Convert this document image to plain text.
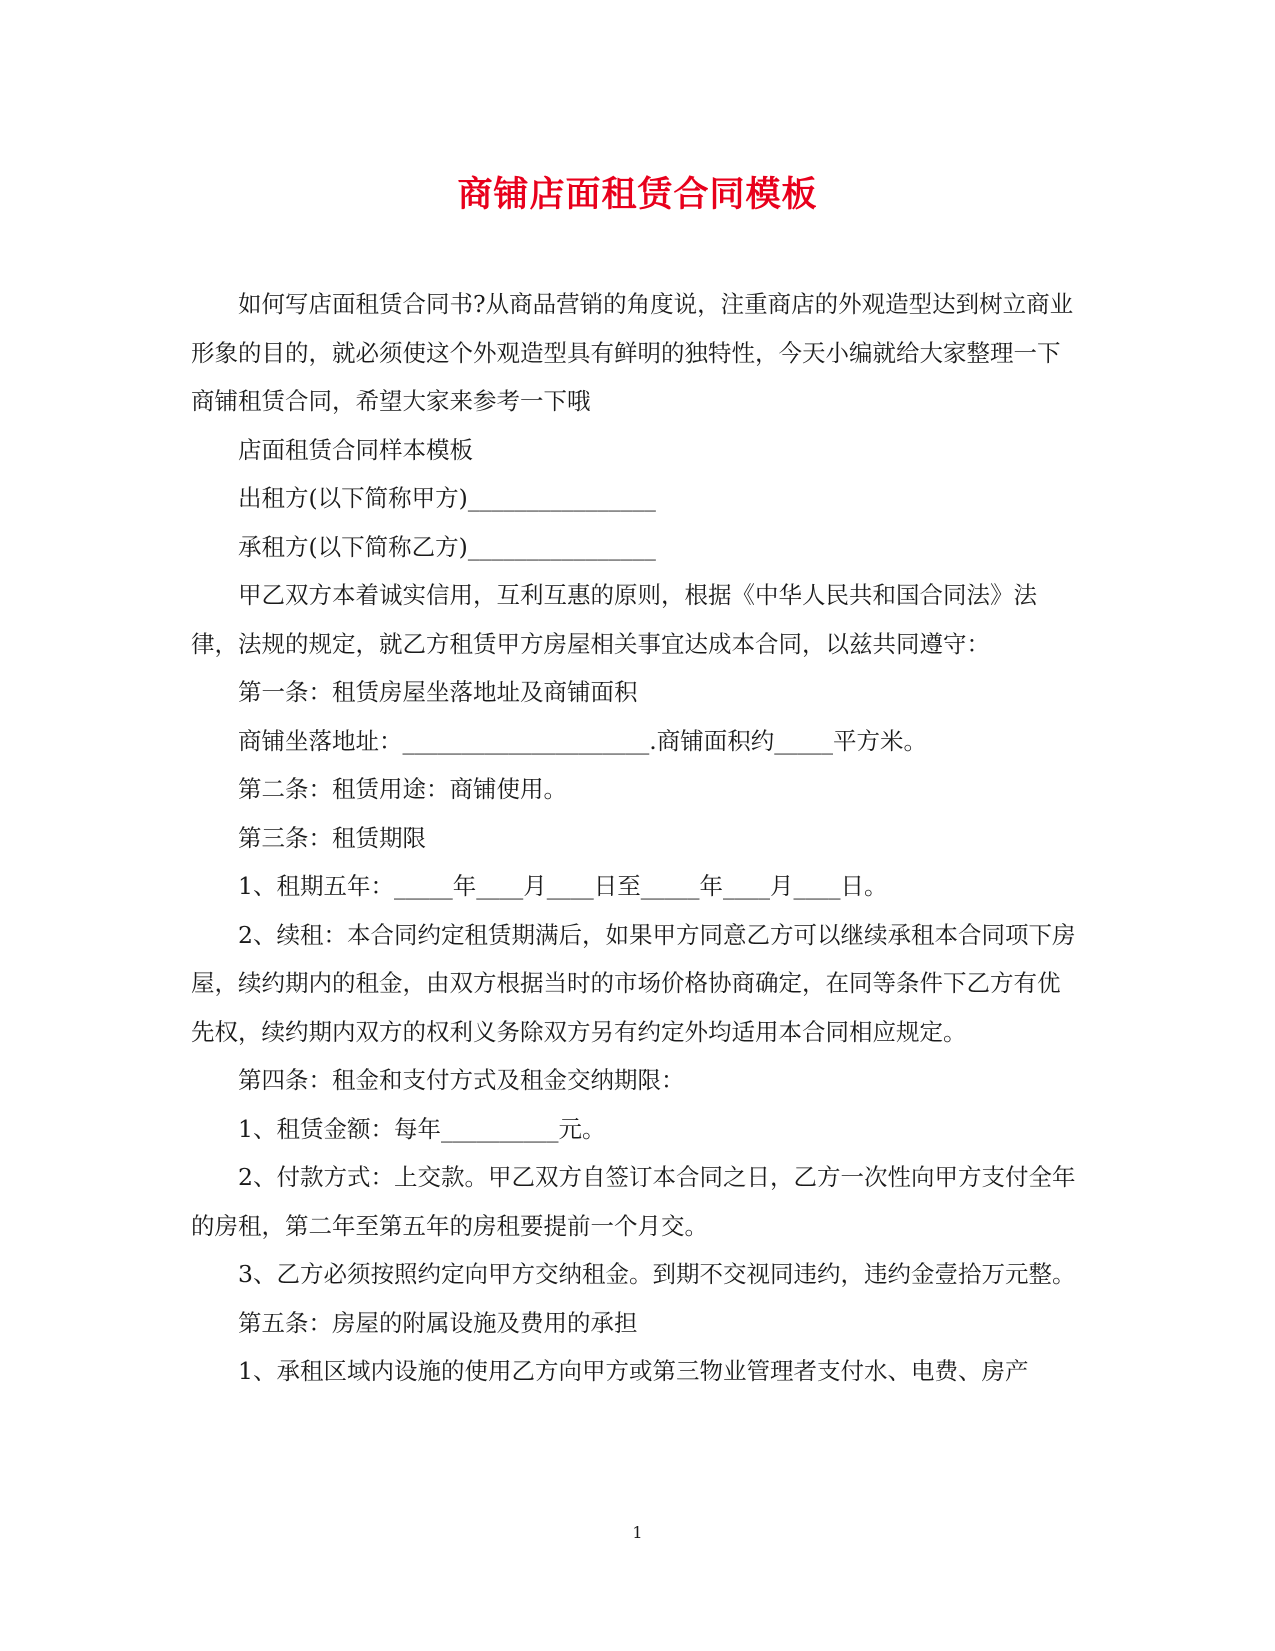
商铺店面租赁合同模板

如何写店面租赁合同书?从商品营销的角度说，注重商店的外观造型达到树立商业形象的目的，就必须使这个外观造型具有鲜明的独特性，今天小编就给大家整理一下商铺租赁合同，希望大家来参考一下哦

店面租赁合同样本模板

出租方(以下简称甲方)________________

承租方(以下简称乙方)________________

甲乙双方本着诚实信用，互利互惠的原则，根据《中华人民共和国合同法》法律，法规的规定，就乙方租赁甲方房屋相关事宜达成本合同，以兹共同遵守：

第一条：租赁房屋坐落地址及商铺面积

商铺坐落地址：_____________________.商铺面积约_____平方米。

第二条：租赁用途：商铺使用。

第三条：租赁期限

1、租期五年：_____年____月____日至_____年____月____日。

2、续租：本合同约定租赁期满后，如果甲方同意乙方可以继续承租本合同项下房屋，续约期内的租金，由双方根据当时的市场价格协商确定，在同等条件下乙方有优先权，续约期内双方的权利义务除双方另有约定外均适用本合同相应规定。

第四条：租金和支付方式及租金交纳期限：

1、租赁金额：每年__________元。

2、付款方式：上交款。甲乙双方自签订本合同之日，乙方一次性向甲方支付全年的房租，第二年至第五年的房租要提前一个月交。

3、乙方必须按照约定向甲方交纳租金。到期不交视同违约，违约金壹拾万元整。

第五条：房屋的附属设施及费用的承担

1、承租区域内设施的使用乙方向甲方或第三物业管理者支付水、电费、房产

1
